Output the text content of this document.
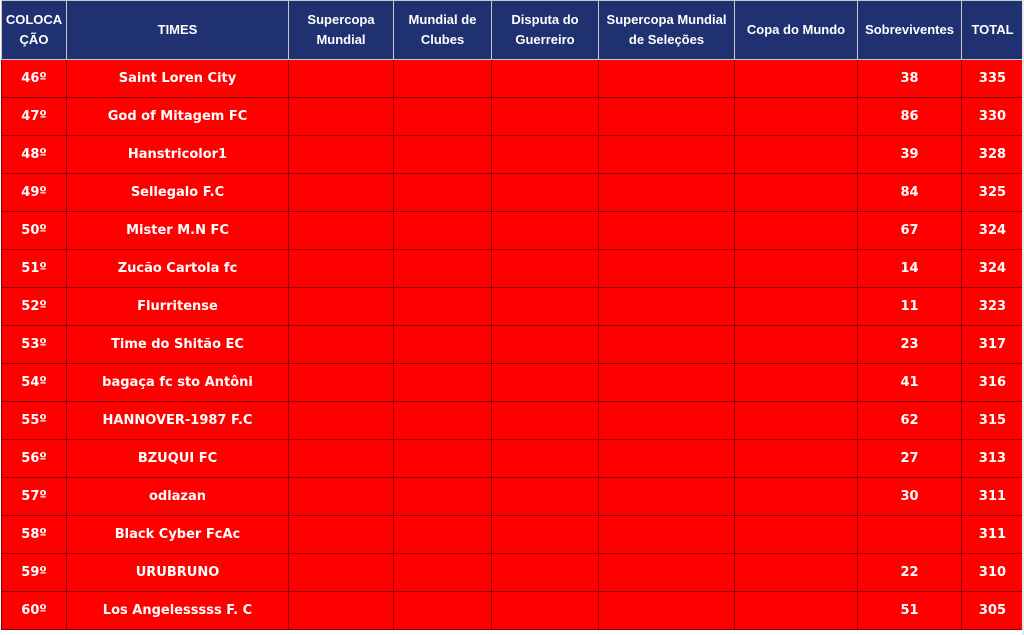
COLOCA ÇÃO	TIMES	Supercopa Mundial	Mundial de Clubes	Disputa do Guerreiro	Supercopa Mundial de Seleções	Copa do Mundo	Sobreviventes	TOTAL
46º	Saint Loren City						38	335
47º	God of Mitagem FC						86	330
48º	Hanstricolor1						39	328
49º	Sellegalo F.C						84	325
50º	Mister M.N FC						67	324
51º	Zucão Cartola fc						14	324
52º	Flurritense						11	323
53º	Time do Shitão EC						23	317
54º	bagaça fc sto Antôni						41	316
55º	HANNOVER-1987 F.C						62	315
56º	BZUQUI FC						27	313
57º	odlazan						30	311
58º	Black Cyber FcAc							311
59º	URUBRUNO						22	310
60º	Los Angelesssss F. C						51	305
